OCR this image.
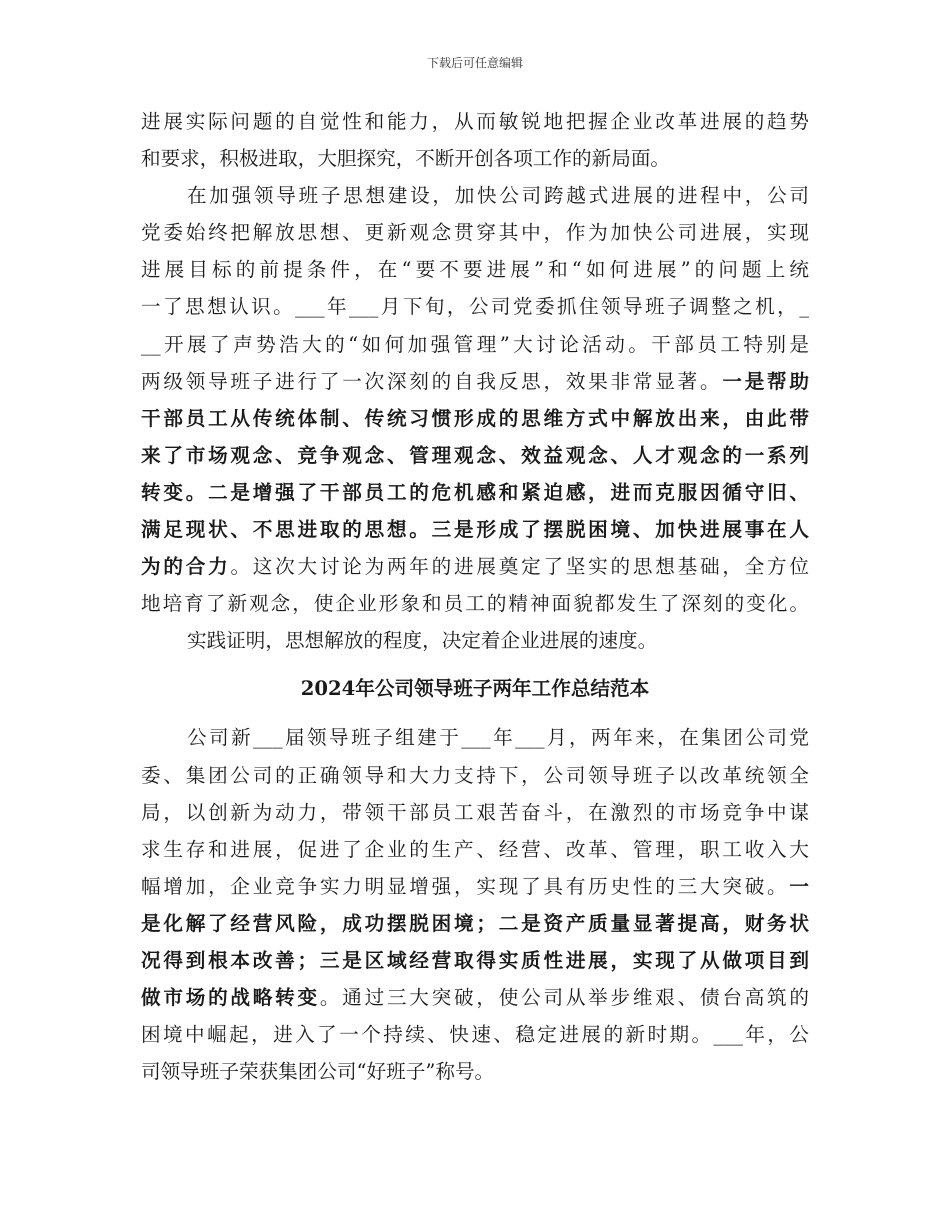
下载后可任意编辑
进展实际问题的自觉性和能力，从而敏锐地把握企业改革进展的趋势
和要求，积极进取，大胆探究，不断开创各项工作的新局面。
在加强领导班子思想建设，加快公司跨越式进展的进程中，公司
党委始终把解放思想、更新观念贯穿其中，作为加快公司进展，实现
进展目标的前提条件，在“要不要进展”和“如何进展”的问题上统
一了思想认识。___年___月下旬，公司党委抓住领导班子调整之机，_
__开展了声势浩大的“如何加强管理”大讨论活动。干部员工特别是
两级领导班子进行了一次深刻的自我反思，效果非常显著。一是帮助
干部员工从传统体制、传统习惯形成的思维方式中解放出来，由此带
来了市场观念、竞争观念、管理观念、效益观念、人才观念的一系列
转变。二是增强了干部员工的危机感和紧迫感，进而克服因循守旧、
满足现状、不思进取的思想。三是形成了摆脱困境、加快进展事在人
为的合力。这次大讨论为两年的进展奠定了坚实的思想基础，全方位
地培育了新观念，使企业形象和员工的精神面貌都发生了深刻的变化。
实践证明，思想解放的程度，决定着企业进展的速度。
2024年公司领导班子两年工作总结范本
公司新___届领导班子组建于___年___月，两年来，在集团公司党
委、集团公司的正确领导和大力支持下，公司领导班子以改革统领全
局，以创新为动力，带领干部员工艰苦奋斗，在激烈的市场竞争中谋
求生存和进展，促进了企业的生产、经营、改革、管理，职工收入大
幅增加，企业竞争实力明显增强，实现了具有历史性的三大突破。一
是化解了经营风险，成功摆脱困境；二是资产质量显著提高，财务状
况得到根本改善；三是区域经营取得实质性进展，实现了从做项目到
做市场的战略转变。通过三大突破，使公司从举步维艰、债台高筑的
困境中崛起，进入了一个持续、快速、稳定进展的新时期。___年，公
司领导班子荣获集团公司“好班子”称号。
